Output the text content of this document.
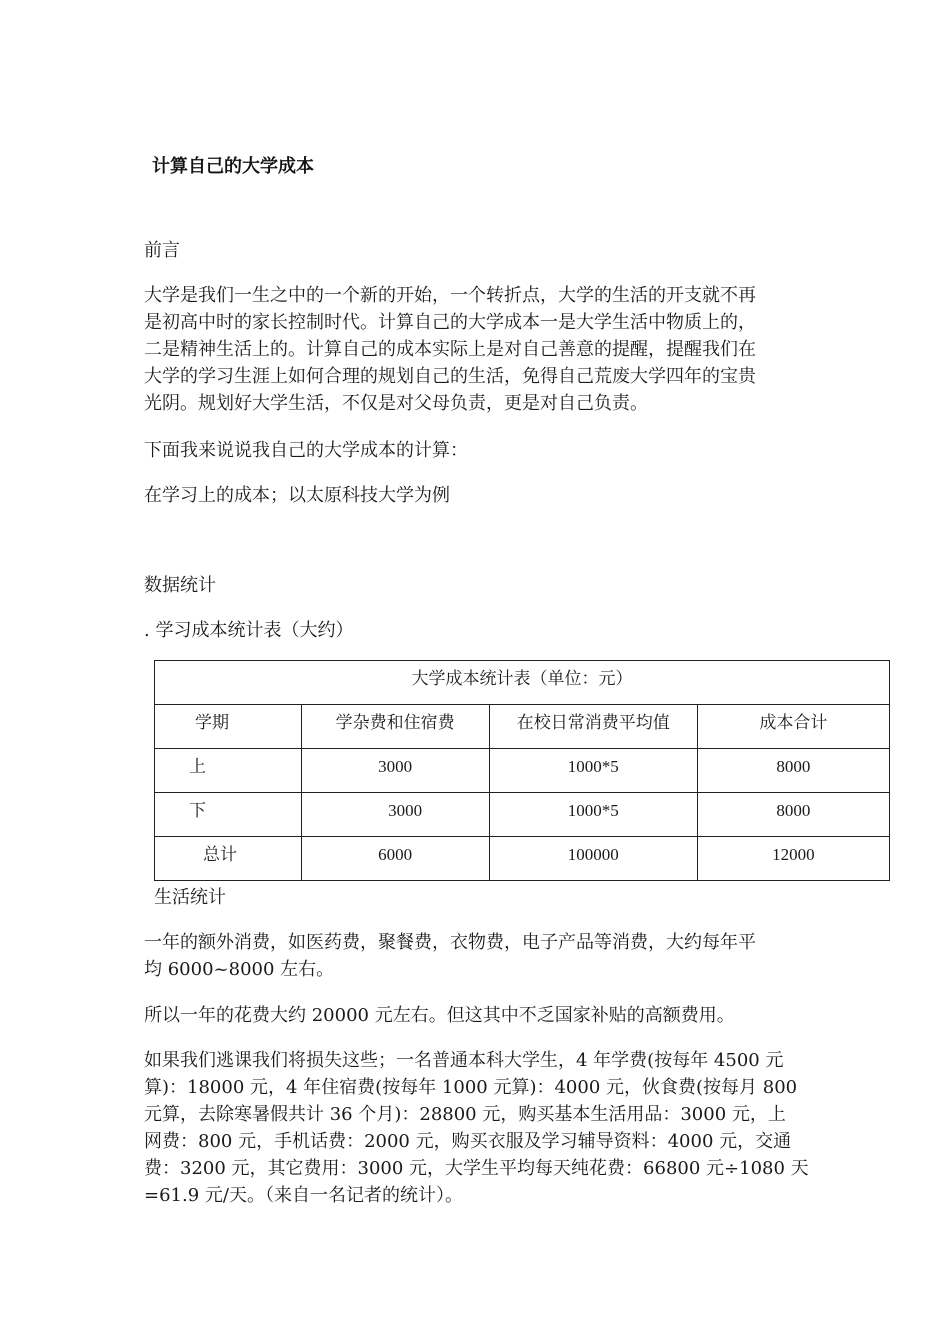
计算自己的大学成本
前言
大学是我们一生之中的一个新的开始，一个转折点，大学的生活的开支就不再
是初高中时的家长控制时代。计算自己的大学成本一是大学生活中物质上的，
二是精神生活上的。计算自己的成本实际上是对自己善意的提醒，提醒我们在
大学的学习生涯上如何合理的规划自己的生活，免得自己荒废大学四年的宝贵
光阴。规划好大学生活，不仅是对父母负责，更是对自己负责。
下面我来说说我自己的大学成本的计算：
在学习上的成本；以太原科技大学为例
数据统计
. 学习成本统计表（大约）
大学成本统计表（单位：元）			

学期	学杂费和住宿费	在校日常消费平均值	成本合计

上	3000	1000*5	8000

下	3000	1000*5	8000

总计	6000	100000	12000
生活统计
一年的额外消费，如医药费，聚餐费，衣物费，电子产品等消费，大约每年平
均 6000~8000 左右。
所以一年的花费大约 20000 元左右。但这其中不乏国家补贴的高额费用。
如果我们逃课我们将损失这些；一名普通本科大学生，4 年学费(按每年 4500 元
算)：18000 元，4 年住宿费(按每年 1000 元算)：4000 元，伙食费(按每月 800
元算，去除寒暑假共计 36 个月)：28800 元，购买基本生活用品：3000 元，上
网费：800 元，手机话费：2000 元，购买衣服及学习辅导资料：4000 元，交通
费：3200 元，其它费用：3000 元，大学生平均每天纯花费：66800 元÷1080 天
=61.9 元/天。（来自一名记者的统计）。
